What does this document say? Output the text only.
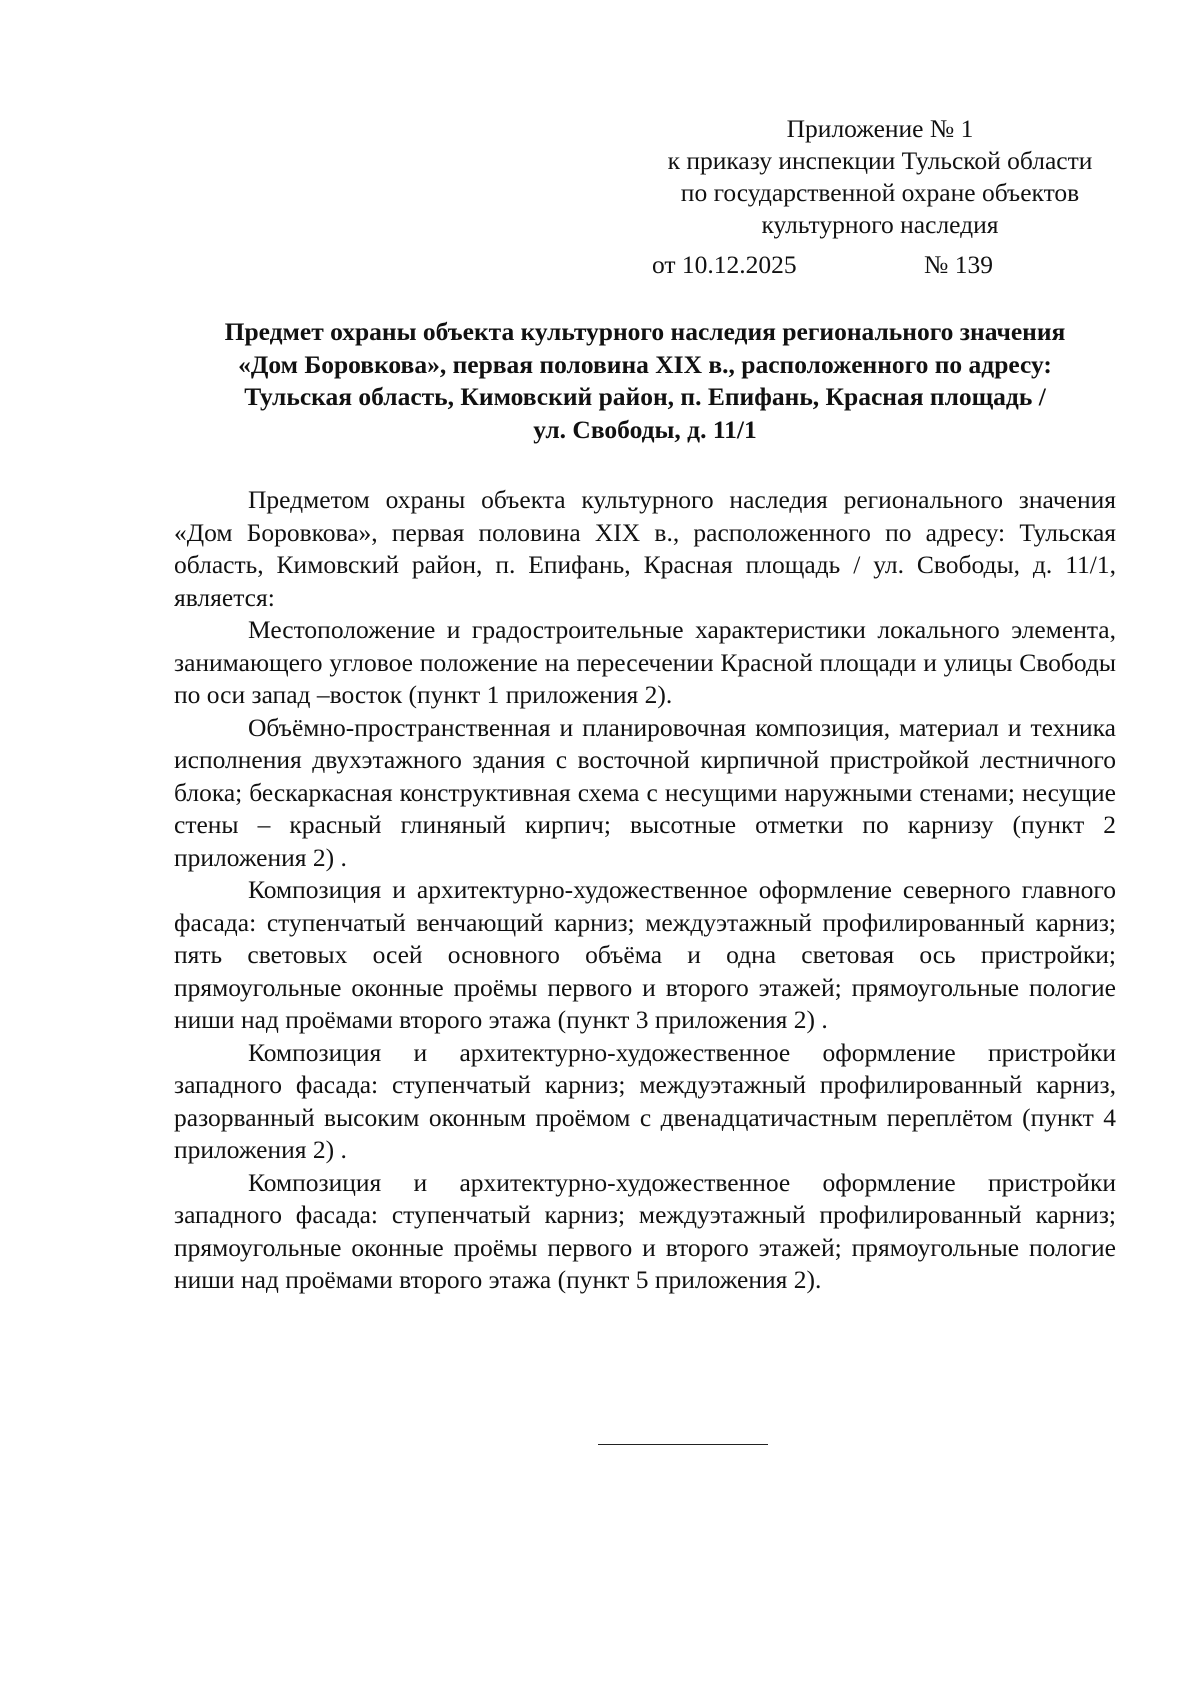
Приложение № 1
к приказу инспекции Тульской области
по государственной охране объектов
культурного наследия
от 10.12.2025	№ 139
Предмет охраны объекта культурного наследия регионального значения
«Дом Боровкова», первая половина XIX в., расположенного по адресу:
Тульская область, Кимовский район, п. Епифань, Красная площадь /
ул. Свободы, д. 11/1

Предметом охраны объекта культурного наследия регионального значения «Дом Боровкова», первая половина XIX в., расположенного по адресу: Тульская область, Кимовский район, п. Епифань, Красная площадь / ул. Свободы, д. 11/1, является:

Местоположение и градостроительные характеристики локального элемента, занимающего угловое положение на пересечении Красной площади и улицы Свободы по оси запад –восток (пункт 1 приложения 2).

Объёмно-пространственная и планировочная композиция, материал и техника исполнения двухэтажного здания с восточной кирпичной пристройкой лестничного блока; бескаркасная конструктивная схема с несущими наружными стенами; несущие стены – красный глиняный кирпич; высотные отметки по карнизу (пункт 2 приложения 2) .

Композиция и архитектурно-художественное оформление северного главного фасада: ступенчатый венчающий карниз; междуэтажный профилированный карниз; пять световых осей основного объёма и одна световая ось пристройки; прямоугольные оконные проёмы первого и второго этажей; прямоугольные пологие ниши над проёмами второго этажа (пункт 3 приложения 2) .

Композиция и архитектурно-художественное оформление пристройки западного фасада: ступенчатый карниз; междуэтажный профилированный карниз, разорванный высоким оконным проёмом с двенадцатичастным переплётом (пункт 4 приложения 2) .

Композиция и архитектурно-художественное оформление пристройки западного фасада: ступенчатый карниз; междуэтажный профилированный карниз; прямоугольные оконные проёмы первого и второго этажей; прямоугольные пологие ниши над проёмами второго этажа (пункт 5 приложения 2).
